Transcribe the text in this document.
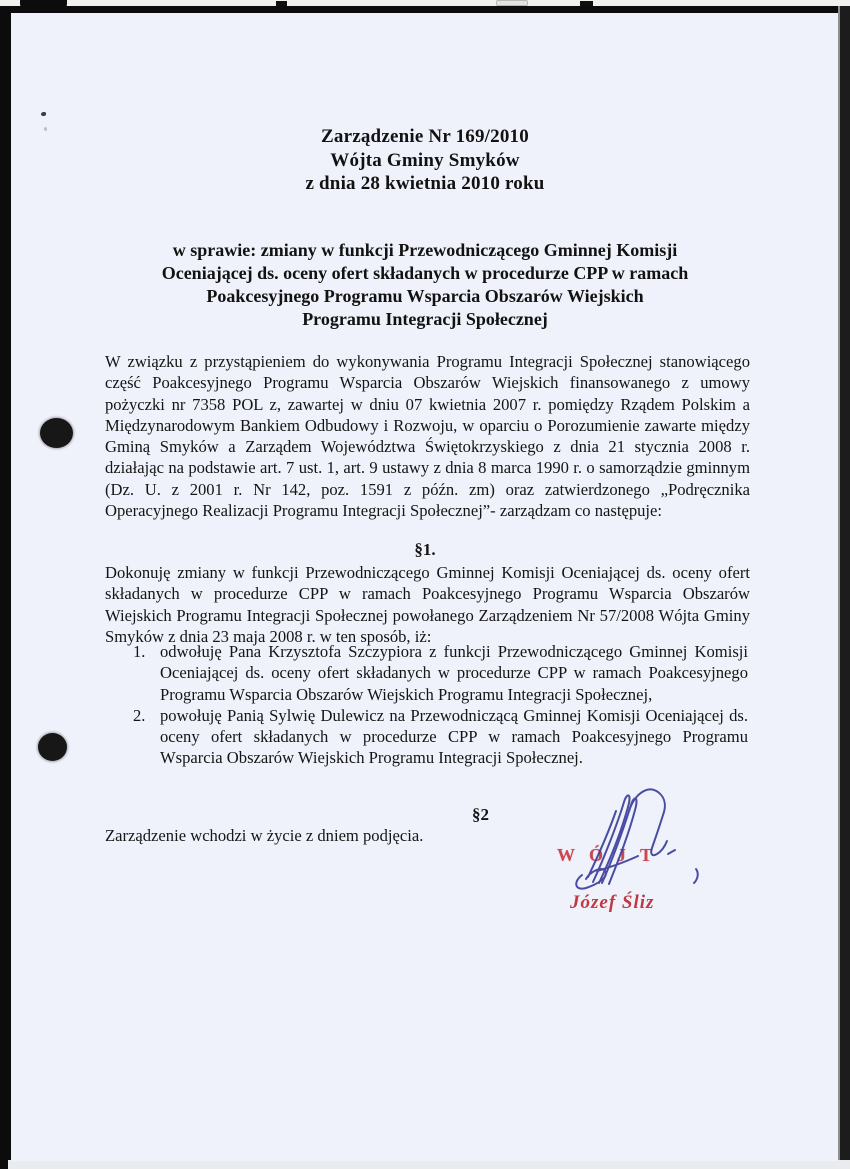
Zarządzenie Nr 169/2010
Wójta Gminy Smyków
z dnia 28 kwietnia 2010 roku
w sprawie: zmiany w funkcji Przewodniczącego Gminnej Komisji
Oceniającej ds. oceny ofert składanych w procedurze CPP w ramach
Poakcesyjnego Programu Wsparcia Obszarów Wiejskich
Programu Integracji Społecznej
W związku z przystąpieniem do wykonywania Programu Integracji Społecznej stanowiącego część Poakcesyjnego Programu Wsparcia Obszarów Wiejskich finansowanego z umowy pożyczki nr 7358 POL z, zawartej w dniu 07 kwietnia 2007 r. pomiędzy Rządem Polskim a Międzynarodowym Bankiem Odbudowy i Rozwoju, w oparciu o Porozumienie zawarte między Gminą Smyków a Zarządem Województwa Świętokrzyskiego z dnia 21 stycznia 2008 r. działając na podstawie art. 7 ust. 1, art. 9 ustawy z dnia 8 marca 1990 r. o samorządzie gminnym (Dz. U. z 2001 r. Nr 142, poz. 1591 z późn. zm) oraz zatwierdzonego „Podręcznika Operacyjnego Realizacji Programu Integracji Społecznej”- zarządzam co następuje:
§1.
Dokonuję zmiany w funkcji Przewodniczącego Gminnej Komisji Oceniającej ds. oceny ofert składanych w procedurze CPP w ramach Poakcesyjnego Programu Wsparcia Obszarów Wiejskich Programu Integracji Społecznej powołanego Zarządzeniem Nr 57/2008 Wójta Gminy Smyków z dnia 23 maja 2008 r. w ten sposób, iż:
1. odwołuję Pana Krzysztofa Szczypiora z funkcji Przewodniczącego Gminnej Komisji Oceniającej ds. oceny ofert składanych w procedurze CPP w ramach Poakcesyjnego Programu Wsparcia Obszarów Wiejskich Programu Integracji Społecznej,
2. powołuję Panią Sylwię Dulewicz na Przewodniczącą Gminnej Komisji Oceniającej ds. oceny ofert składanych w procedurze CPP w ramach Poakcesyjnego Programu Wsparcia Obszarów Wiejskich Programu Integracji Społecznej.
§2
Zarządzenie wchodzi w życie z dniem podjęcia.
WÓJT
Józef Śliz
